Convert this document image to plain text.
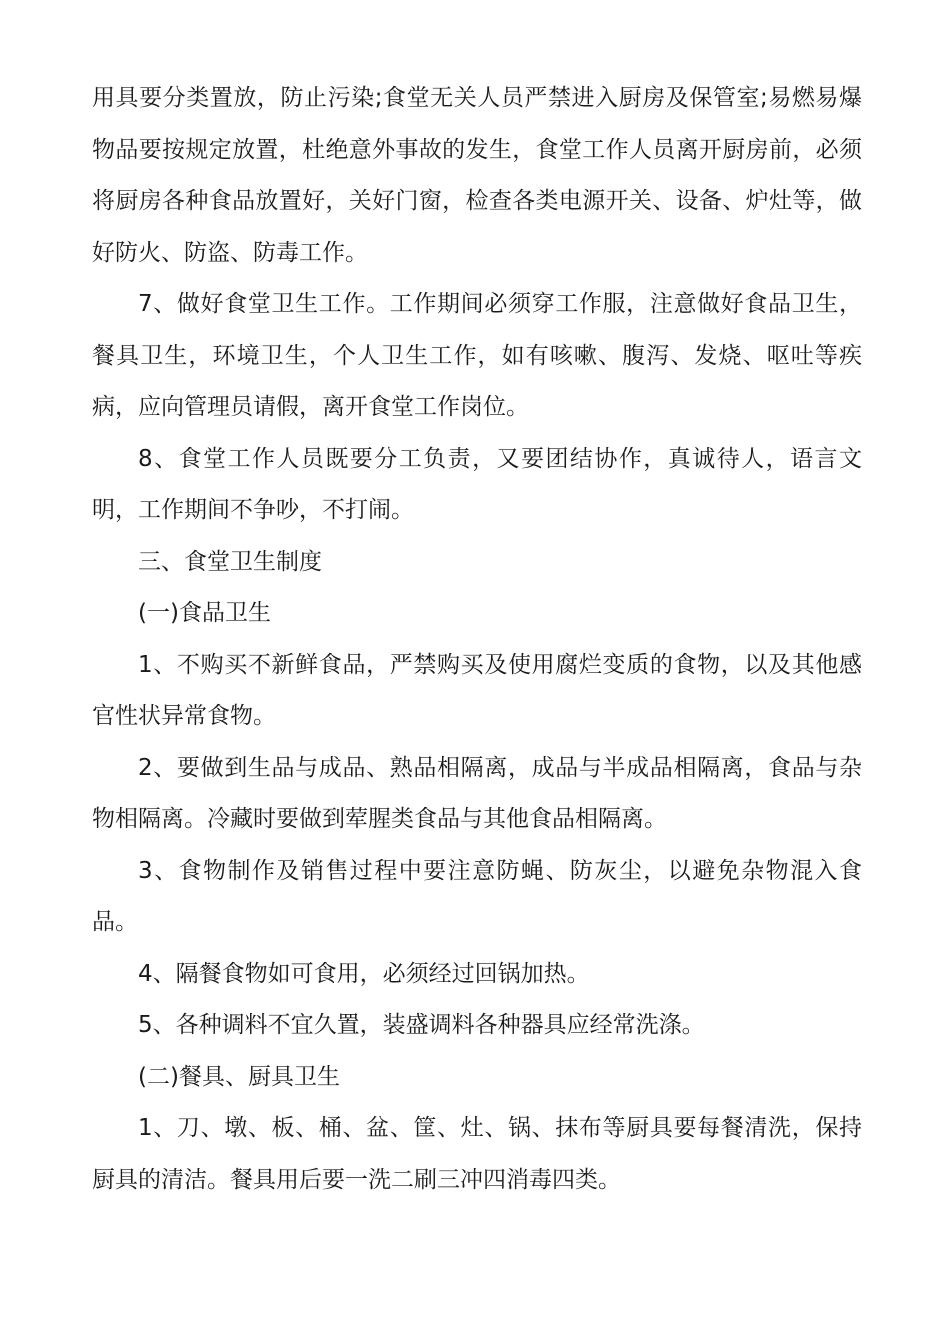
用具要分类置放，防止污染;食堂无关人员严禁进入厨房及保管室;易燃易爆物品要按规定放置，杜绝意外事故的发生，食堂工作人员离开厨房前，必须将厨房各种食品放置好，关好门窗，检查各类电源开关、设备、炉灶等，做好防火、防盗、防毒工作。

7、做好食堂卫生工作。工作期间必须穿工作服，注意做好食品卫生，餐具卫生，环境卫生，个人卫生工作，如有咳嗽、腹泻、发烧、呕吐等疾病，应向管理员请假，离开食堂工作岗位。

8、食堂工作人员既要分工负责，又要团结协作，真诚待人，语言文明，工作期间不争吵，不打闹。

三、食堂卫生制度

(一)食品卫生

1、不购买不新鲜食品，严禁购买及使用腐烂变质的食物，以及其他感官性状异常食物。

2、要做到生品与成品、熟品相隔离，成品与半成品相隔离，食品与杂物相隔离。冷藏时要做到荤腥类食品与其他食品相隔离。

3、食物制作及销售过程中要注意防蝇、防灰尘，以避免杂物混入食品。

4、隔餐食物如可食用，必须经过回锅加热。

5、各种调料不宜久置，装盛调料各种器具应经常洗涤。

(二)餐具、厨具卫生

1、刀、墩、板、桶、盆、筐、灶、锅、抹布等厨具要每餐清洗，保持厨具的清洁。餐具用后要一洗二刷三冲四消毒四类。
